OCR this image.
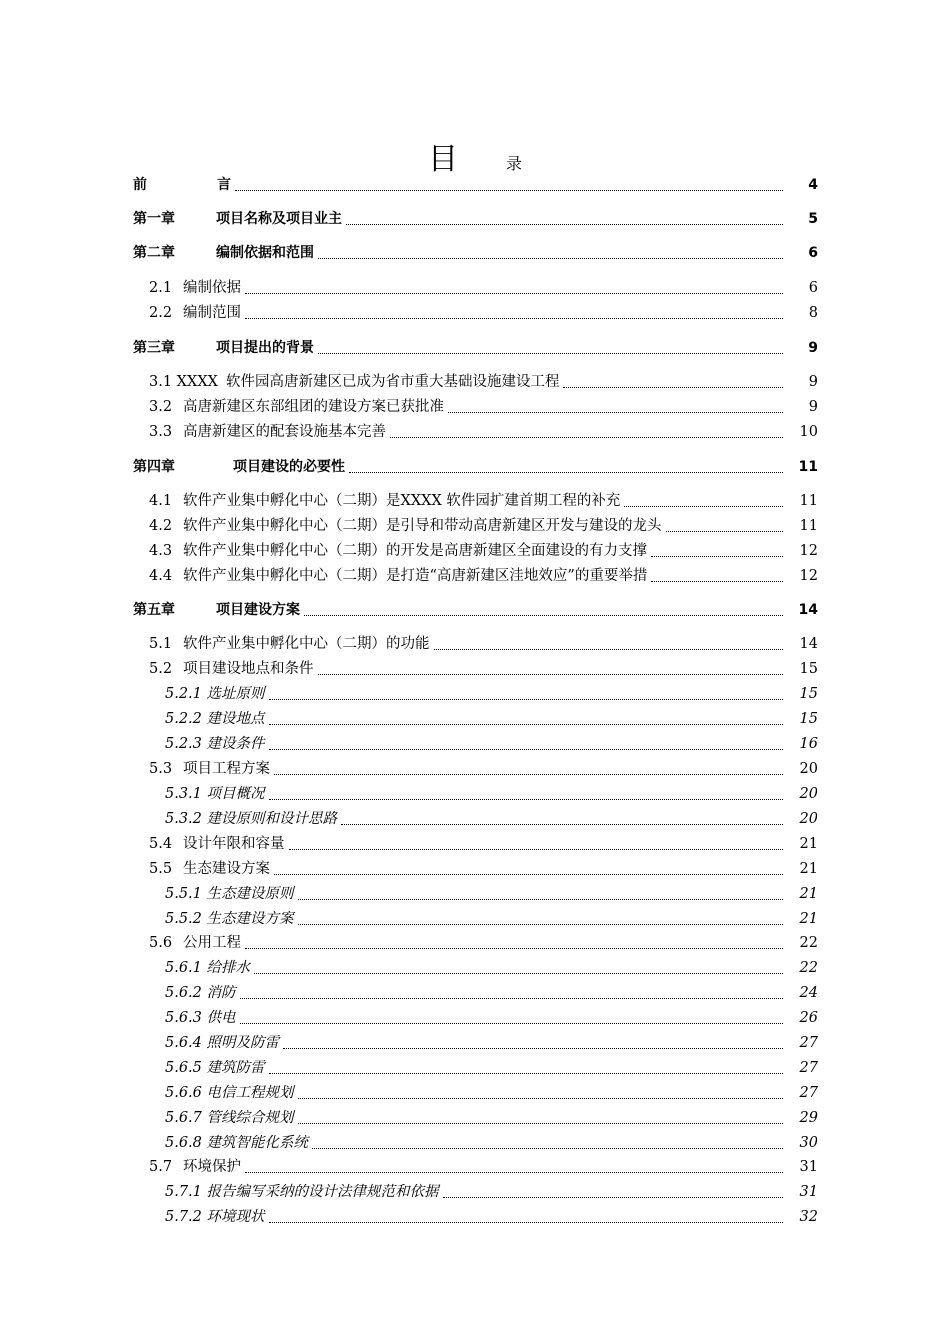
目	录
前	言	4
第一章	项目名称及项目业主	5
第二章	编制依据和范围	6
2.1 编制依据	6
2.2 编制范围	8
第三章	项目提出的背景	9
3.1 XXXX 软件园高唐新建区已成为省市重大基础设施建设工程	9
3.2 高唐新建区东部组团的建设方案已获批准	9
3.3 高唐新建区的配套设施基本完善	10
第四章	项目建设的必要性	11
4.1 软件产业集中孵化中心（二期）是XXXX 软件园扩建首期工程的补充	11
4.2 软件产业集中孵化中心（二期）是引导和带动高唐新建区开发与建设的龙头	11
4.3 软件产业集中孵化中心（二期）的开发是高唐新建区全面建设的有力支撑	12
4.4 软件产业集中孵化中心（二期）是打造“高唐新建区洼地效应”的重要举措	12
第五章	项目建设方案	14
5.1 软件产业集中孵化中心（二期）的功能	14
5.2 项目建设地点和条件	15
5.2.1 选址原则	15
5.2.2 建设地点	15
5.2.3 建设条件	16
5.3 项目工程方案	20
5.3.1 项目概况	20
5.3.2 建设原则和设计思路	20
5.4 设计年限和容量	21
5.5 生态建设方案	21
5.5.1 生态建设原则	21
5.5.2 生态建设方案	21
5.6 公用工程	22
5.6.1 给排水	22
5.6.2 消防	24
5.6.3 供电	26
5.6.4 照明及防雷	27
5.6.5 建筑防雷	27
5.6.6 电信工程规划	27
5.6.7 管线综合规划	29
5.6.8 建筑智能化系统	30
5.7 环境保护	31
5.7.1 报告编写采纳的设计法律规范和依据	31
5.7.2 环境现状	32
